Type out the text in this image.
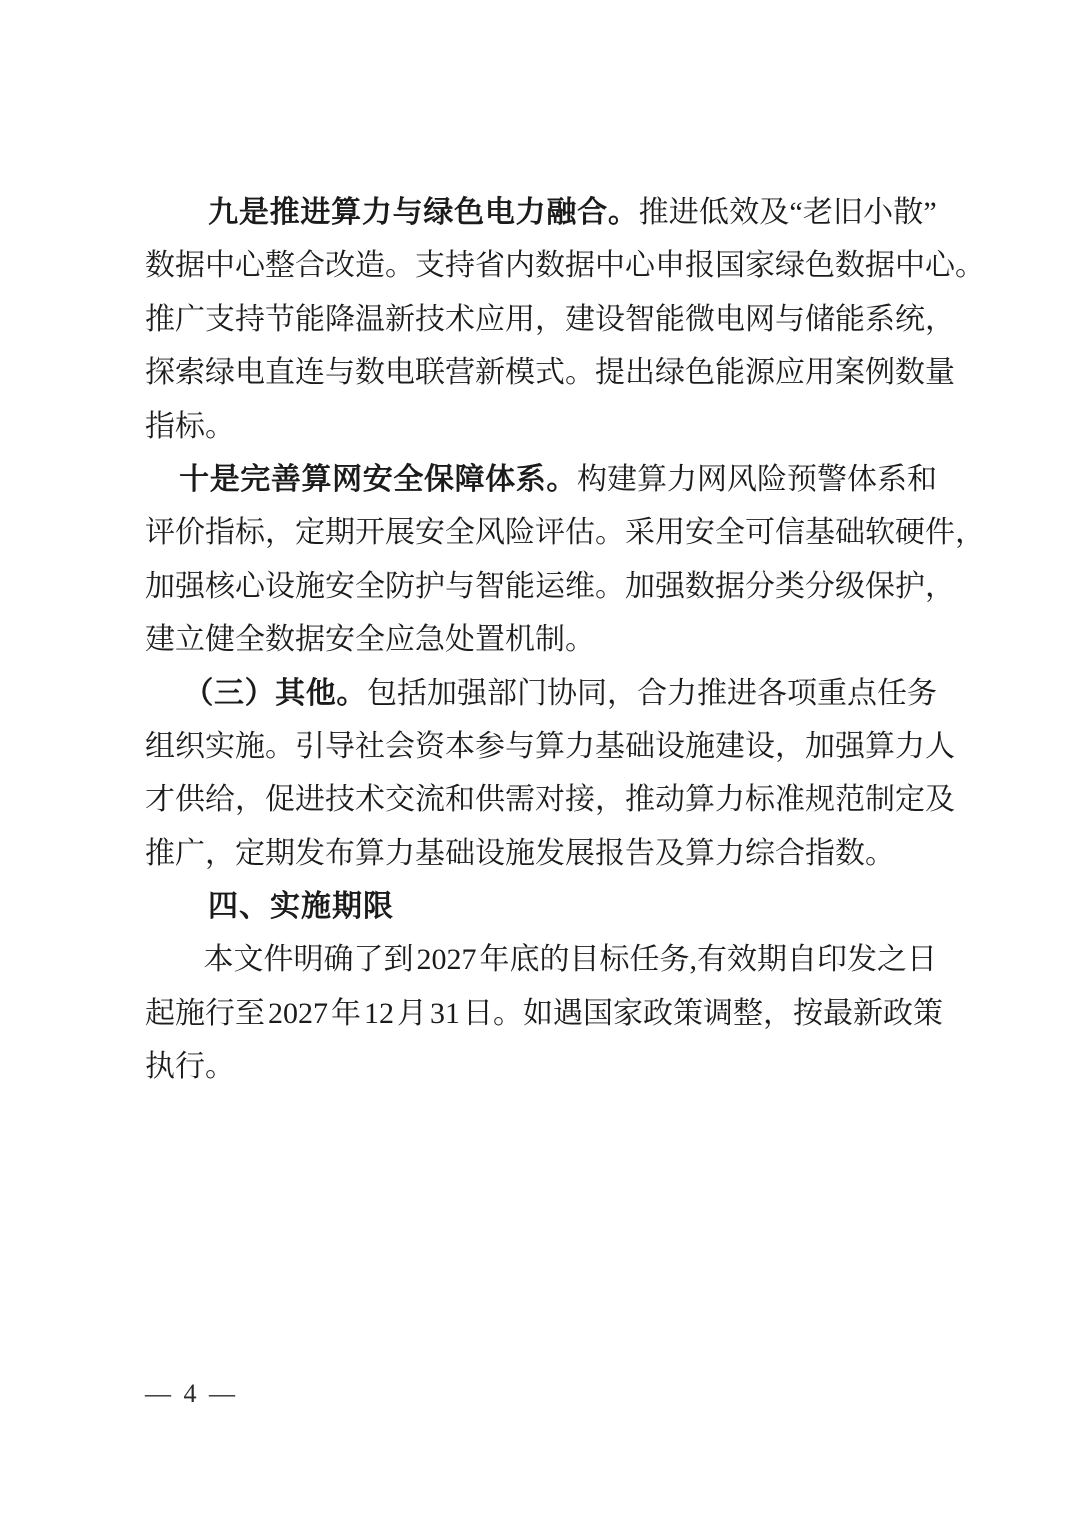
九 是 推 进 算 力 与 绿 色 电 力 融 合 。 推 进 低 效 及 “ 老 旧 小 散 ”
数 据 中 心 整 合 改 造 。 支 持 省 内 数 据 中 心 申 报 国 家 绿 色 数 据 中 心 。
推 广 支 持 节 能 降 温 新 技 术 应 用 ， 建 设 智 能 微 电 网 与 储 能 系 统 ，
探 索 绿 电 直 连 与 数 电 联 营 新 模 式 。 提 出 绿 色 能 源 应 用 案 例 数 量
指标。
十 是 完 善 算 网 安 全 保 障 体 系 。 构 建 算 力 网 风 险 预 警 体 系 和
评 价 指 标 ， 定 期 开 展 安 全 风 险 评 估 。 采 用 安 全 可 信 基 础 软 硬 件 ，
加 强 核 心 设 施 安 全 防 护 与 智 能 运 维 。 加 强 数 据 分 类 分 级 保 护 ，
建立健全数据安全应急处置机制。
（ 三 ） 其 他 。 包 括 加 强 部 门 协 同 ， 合 力 推 进 各 项 重 点 任 务
组 织 实 施 。 引 导 社 会 资 本 参 与 算 力 基 础 设 施 建 设 ， 加 强 算 力 人
才 供 给 ， 促 进 技 术 交 流 和 供 需 对 接 ， 推 动 算 力 标 准 规 范 制 定 及
推广，定期发布算力基础设施发展报告及算力综合指数。
四、实施期限
本 文 件 明 确 了 到 2027 年 底 的 目 标 任 务 , 有 效 期 自 印 发 之 日
起 施 行 至 2027 年 12 月 31 日 。 如 遇 国 家 政 策 调 整 ， 按 最 新 政 策
执行。
— 4 —
